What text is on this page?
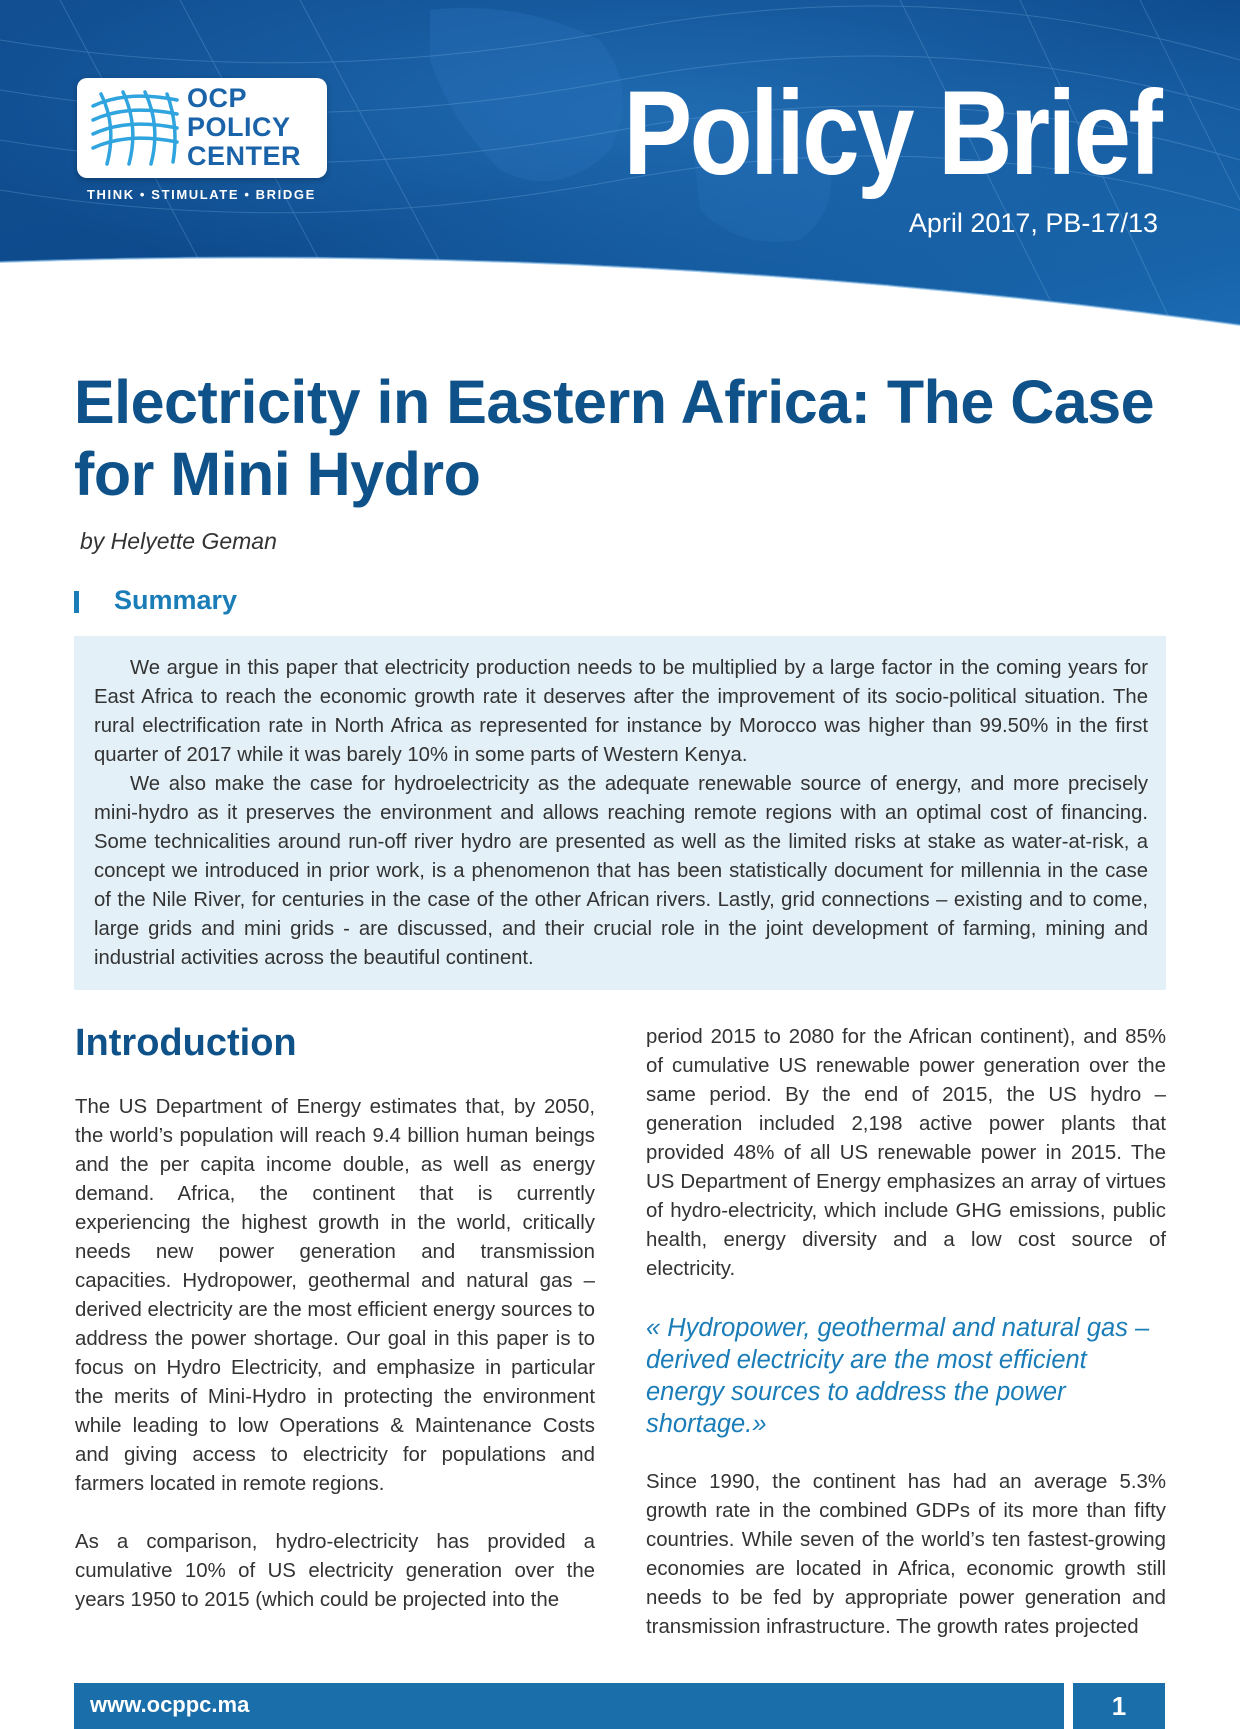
OCP
POLICY
CENTER
THINK • STIMULATE • BRIDGE	Policy Brief
April 2017, PB-17/13
Electricity in Eastern Africa: The Case for Mini Hydro
by Helyette Geman
Summary

We argue in this paper that electricity production needs to be multiplied by a large factor in the coming years for East Africa to reach the economic growth rate it deserves after the improvement of its socio-political situation. The rural electrification rate in North Africa as represented for instance by Morocco was higher than 99.50% in the first quarter of 2017 while it was barely 10% in some parts of Western Kenya.

We also make the case for hydroelectricity as the adequate renewable source of energy, and more precisely mini-hydro as it preserves the environment and allows reaching remote regions with an optimal cost of financing. Some technicalities around run-off river hydro are presented as well as the limited risks at stake as water-at-risk, a concept we introduced in prior work, is a phenomenon that has been statistically document for millennia in the case of the Nile River, for centuries in the case of the other African rivers. Lastly, grid connections – existing and to come, large grids and mini grids - are discussed, and their crucial role in the joint development of farming, mining and industrial activities across the beautiful continent.

Introduction

The US Department of Energy estimates that, by 2050, the world’s population will reach 9.4 billion human beings and the per capita income double, as well as energy demand. Africa, the continent that is currently experiencing the highest growth in the world, critically needs new power generation and transmission capacities. Hydropower, geothermal and natural gas – derived electricity are the most efficient energy sources to address the power shortage. Our goal in this paper is to focus on Hydro Electricity, and emphasize in particular the merits of Mini-Hydro in protecting the environment while leading to low Operations & Maintenance Costs and giving access to electricity for populations and farmers located in remote regions.

As a comparison, hydro-electricity has provided a cumulative 10% of US electricity generation over the years 1950 to 2015 (which could be projected into the

period 2015 to 2080 for the African continent), and 85% of cumulative US renewable power generation over the same period. By the end of 2015, the US hydro – generation included 2,198 active power plants that provided 48% of all US renewable power in 2015. The US Department of Energy emphasizes an array of virtues of hydro-electricity, which include GHG emissions, public health, energy diversity and a low cost source of electricity.

« Hydropower, geothermal and natural gas – derived electricity are the most efficient energy sources to address the power shortage.»

Since 1990, the continent has had an average 5.3% growth rate in the combined GDPs of its more than fifty countries. While seven of the world’s ten fastest-growing economies are located in Africa, economic growth still needs to be fed by appropriate power generation and transmission infrastructure. The growth rates projected

www.ocppc.ma	1
